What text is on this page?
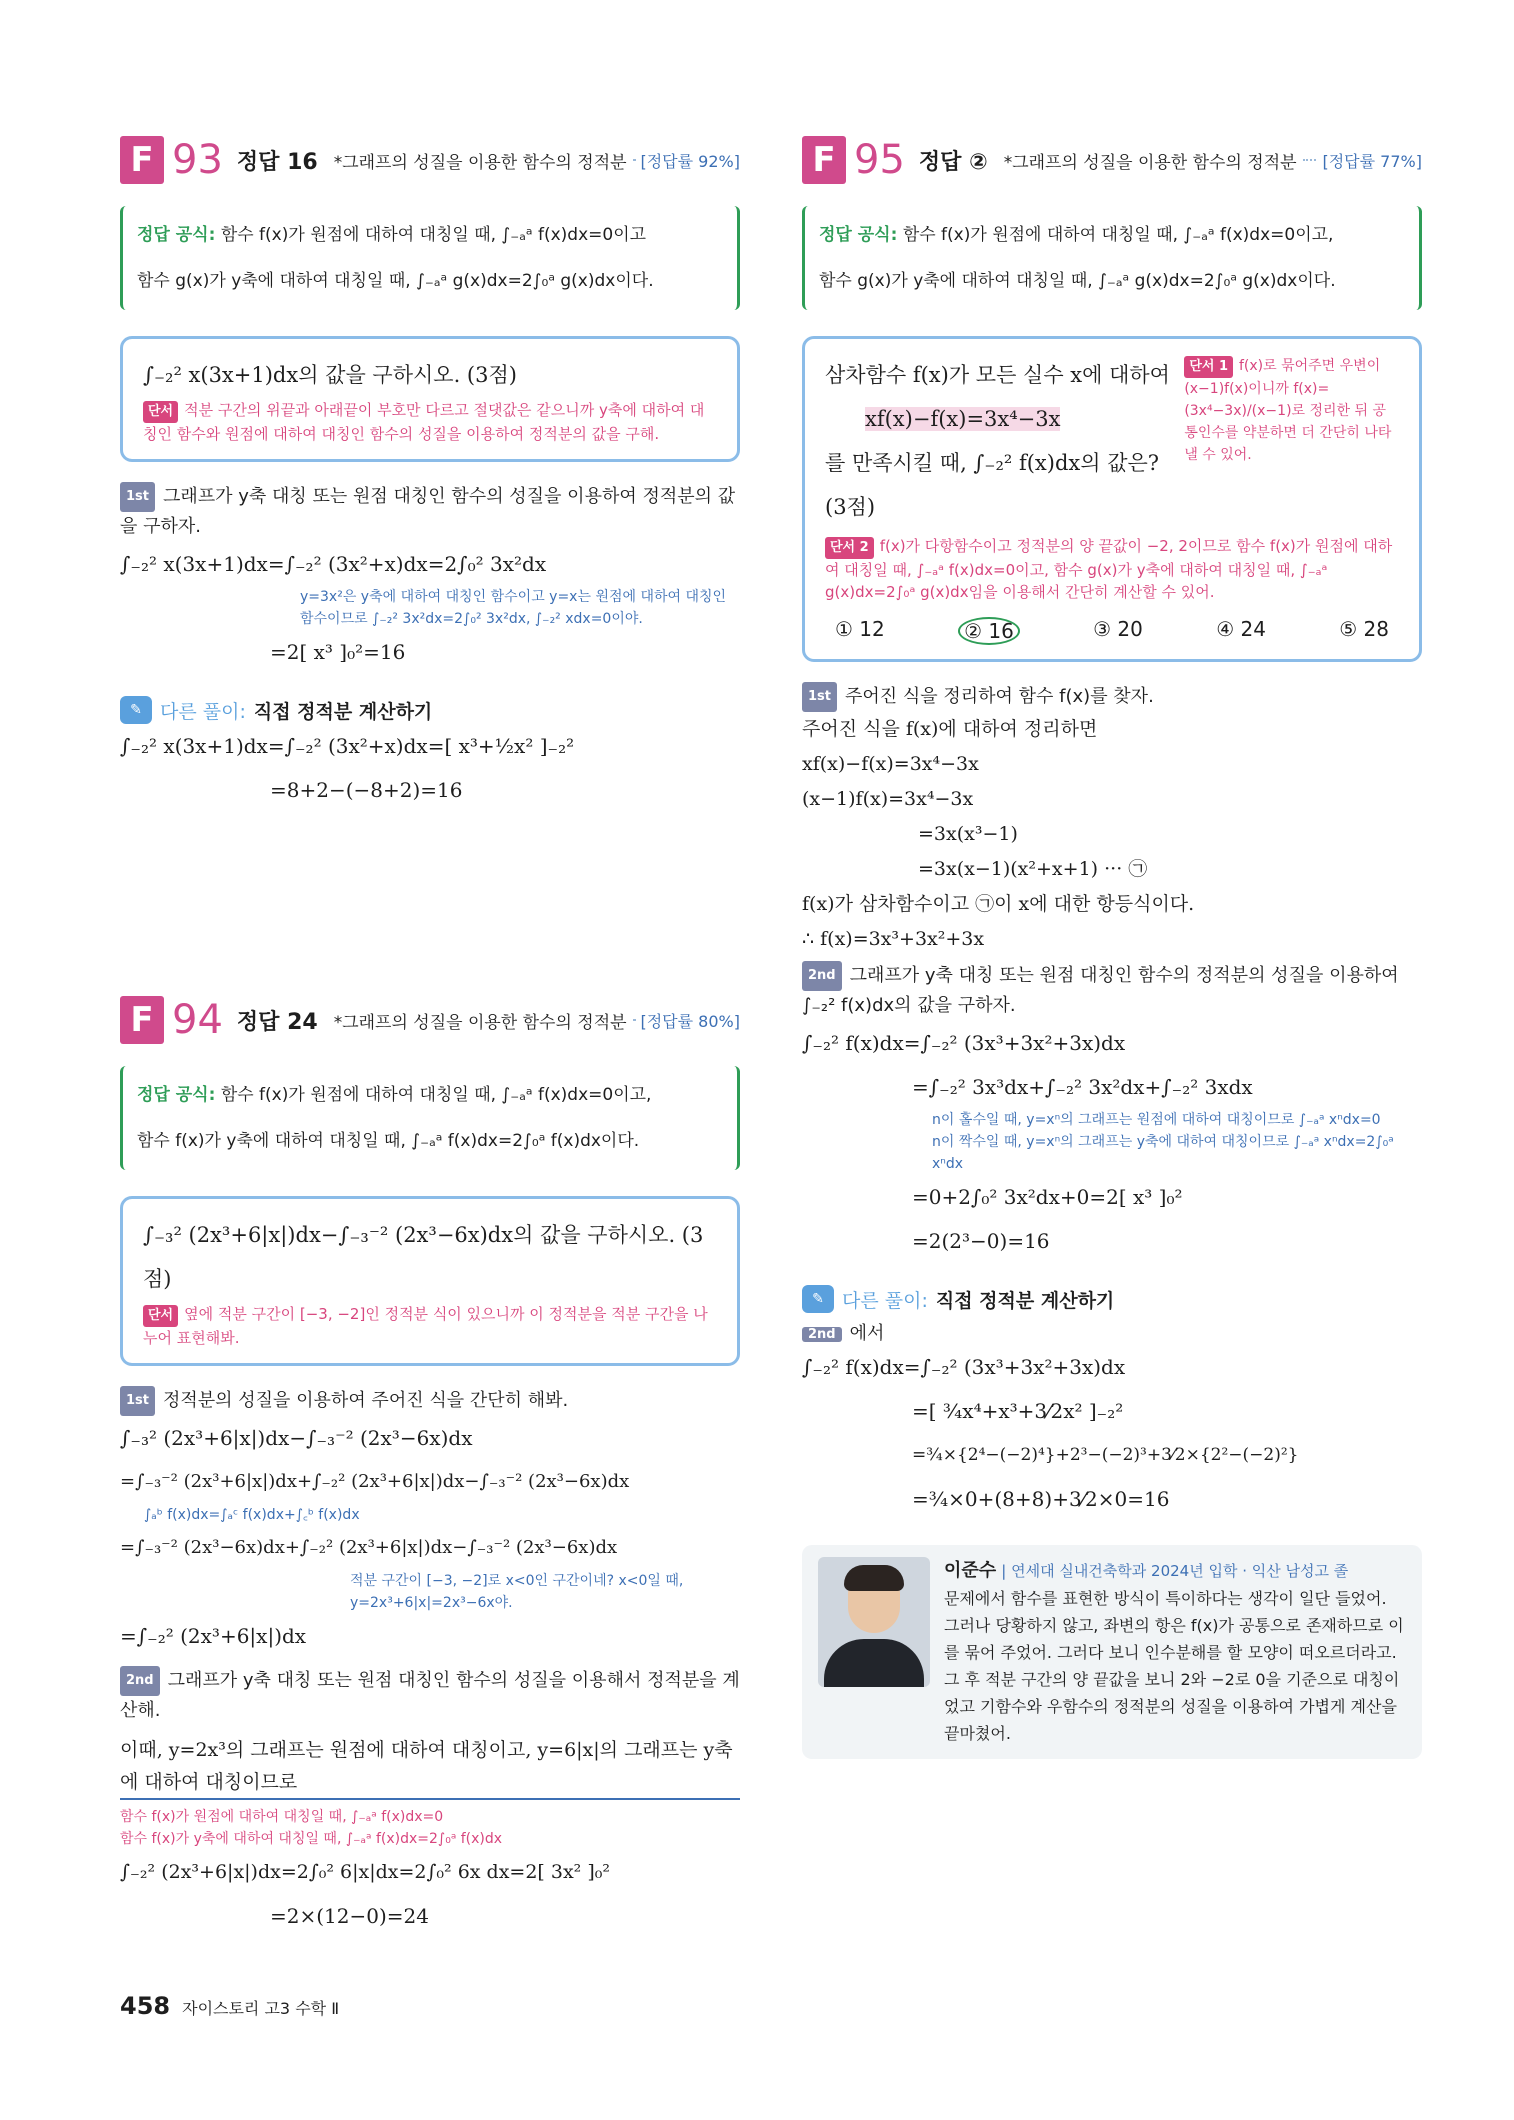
F 93 정답 16 *그래프의 성질을 이용한 함수의 정적분 [정답률 92%]
정답 공식: 함수 f(x)가 원점에 대하여 대칭일 때, ∫₋ₐᵃ f(x)dx=0이고
함수 g(x)가 y축에 대하여 대칭일 때, ∫₋ₐᵃ g(x)dx=2∫₀ᵃ g(x)dx이다.
∫₋₂² x(3x+1)dx의 값을 구하시오. (3점)
단서 적분 구간의 위끝과 아래끝이 부호만 다르고 절댓값은 같으니까 y축에 대하여 대칭인 함수와 원점에 대하여 대칭인 함수의 성질을 이용하여 정적분의 값을 구해.
1st 그래프가 y축 대칭 또는 원점 대칭인 함수의 성질을 이용하여 정적분의 값을 구하자.
∫₋₂² x(3x+1)dx=∫₋₂² (3x²+x)dx=2∫₀² 3x²dx
y=3x²은 y축에 대하여 대칭인 함수이고 y=x는 원점에 대하여 대칭인 함수이므로 ∫₋₂² 3x²dx=2∫₀² 3x²dx, ∫₋₂² xdx=0이야.
=2[ x³ ]₀²=16
✎ 다른 풀이: 직접 정적분 계산하기
∫₋₂² x(3x+1)dx=∫₋₂² (3x²+x)dx=[ x³+½x² ]₋₂²
=8+2−(−8+2)=16
F 94 정답 24 *그래프의 성질을 이용한 함수의 정적분 [정답률 80%]
정답 공식: 함수 f(x)가 원점에 대하여 대칭일 때, ∫₋ₐᵃ f(x)dx=0이고,
함수 f(x)가 y축에 대하여 대칭일 때, ∫₋ₐᵃ f(x)dx=2∫₀ᵃ f(x)dx이다.
∫₋₃² (2x³+6|x|)dx−∫₋₃⁻² (2x³−6x)dx의 값을 구하시오. (3점)
단서 옆에 적분 구간이 [−3, −2]인 정적분 식이 있으니까 이 정적분을 적분 구간을 나누어 표현해봐.
1st 정적분의 성질을 이용하여 주어진 식을 간단히 해봐.
∫₋₃² (2x³+6|x|)dx−∫₋₃⁻² (2x³−6x)dx
=∫₋₃⁻² (2x³+6|x|)dx+∫₋₂² (2x³+6|x|)dx−∫₋₃⁻² (2x³−6x)dx
∫ₐᵇ f(x)dx=∫ₐᶜ f(x)dx+∫꜀ᵇ f(x)dx
=∫₋₃⁻² (2x³−6x)dx+∫₋₂² (2x³+6|x|)dx−∫₋₃⁻² (2x³−6x)dx
적분 구간이 [−3, −2]로 x<0인 구간이네? x<0일 때, y=2x³+6|x|=2x³−6x야.
=∫₋₂² (2x³+6|x|)dx
2nd 그래프가 y축 대칭 또는 원점 대칭인 함수의 성질을 이용해서 정적분을 계산해.
이때, y=2x³의 그래프는 원점에 대하여 대칭이고, y=6|x|의 그래프는 y축에 대하여 대칭이므로
함수 f(x)가 원점에 대하여 대칭일 때, ∫₋ₐᵃ f(x)dx=0
함수 f(x)가 y축에 대하여 대칭일 때, ∫₋ₐᵃ f(x)dx=2∫₀ᵃ f(x)dx
∫₋₂² (2x³+6|x|)dx=2∫₀² 6|x|dx=2∫₀² 6x dx=2[ 3x² ]₀²
=2×(12−0)=24
F 95 정답 ② *그래프의 성질을 이용한 함수의 정적분 [정답률 77%]
정답 공식: 함수 f(x)가 원점에 대하여 대칭일 때, ∫₋ₐᵃ f(x)dx=0이고,
함수 g(x)가 y축에 대하여 대칭일 때, ∫₋ₐᵃ g(x)dx=2∫₀ᵃ g(x)dx이다.
삼차함수 f(x)가 모든 실수 x에 대하여
xf(x)−f(x)=3x⁴−3x
를 만족시킬 때, ∫₋₂² f(x)dx의 값은? (3점)
단서 1 f(x)로 묶어주면 우변이 (x−1)f(x)이니까 f(x)=(3x⁴−3x)/(x−1)로 정리한 뒤 공통인수를 약분하면 더 간단히 나타낼 수 있어.
단서 2 f(x)가 다항함수이고 정적분의 양 끝값이 −2, 2이므로 함수 f(x)가 원점에 대하여 대칭일 때, ∫₋ₐᵃ f(x)dx=0이고, 함수 g(x)가 y축에 대하여 대칭일 때, ∫₋ₐᵃ g(x)dx=2∫₀ᵃ g(x)dx임을 이용해서 간단히 계산할 수 있어.
① 12	② 16	③ 20	④ 24	⑤ 28
1st 주어진 식을 정리하여 함수 f(x)를 찾자.
주어진 식을 f(x)에 대하여 정리하면
xf(x)−f(x)=3x⁴−3x
(x−1)f(x)=3x⁴−3x
=3x(x³−1)
=3x(x−1)(x²+x+1) ··· ㉠
f(x)가 삼차함수이고 ㉠이 x에 대한 항등식이다.
∴ f(x)=3x³+3x²+3x
2nd 그래프가 y축 대칭 또는 원점 대칭인 함수의 정적분의 성질을 이용하여 ∫₋₂² f(x)dx의 값을 구하자.
∫₋₂² f(x)dx=∫₋₂² (3x³+3x²+3x)dx
=∫₋₂² 3x³dx+∫₋₂² 3x²dx+∫₋₂² 3xdx
n이 홀수일 때, y=xⁿ의 그래프는 원점에 대하여 대칭이므로 ∫₋ₐᵃ xⁿdx=0
n이 짝수일 때, y=xⁿ의 그래프는 y축에 대하여 대칭이므로 ∫₋ₐᵃ xⁿdx=2∫₀ᵃ xⁿdx
=0+2∫₀² 3x²dx+0=2[ x³ ]₀²
=2(2³−0)=16
✎ 다른 풀이: 직접 정적분 계산하기
2nd 에서
∫₋₂² f(x)dx=∫₋₂² (3x³+3x²+3x)dx
=[ ¾x⁴+x³+3⁄2x² ]₋₂²
=¾×{2⁴−(−2)⁴}+2³−(−2)³+3⁄2×{2²−(−2)²}
=¾×0+(8+8)+3⁄2×0=16
이준수 | 연세대 실내건축학과 2024년 입학 · 익산 남성고 졸
문제에서 함수를 표현한 방식이 특이하다는 생각이 일단 들었어. 그러나 당황하지 않고, 좌변의 항은 f(x)가 공통으로 존재하므로 이를 묶어 주었어. 그러다 보니 인수분해를 할 모양이 떠오르더라고. 그 후 적분 구간의 양 끝값을 보니 2와 −2로 0을 기준으로 대칭이었고 기함수와 우함수의 정적분의 성질을 이용하여 가볍게 계산을 끝마쳤어.
458 자이스토리 고3 수학 Ⅱ
